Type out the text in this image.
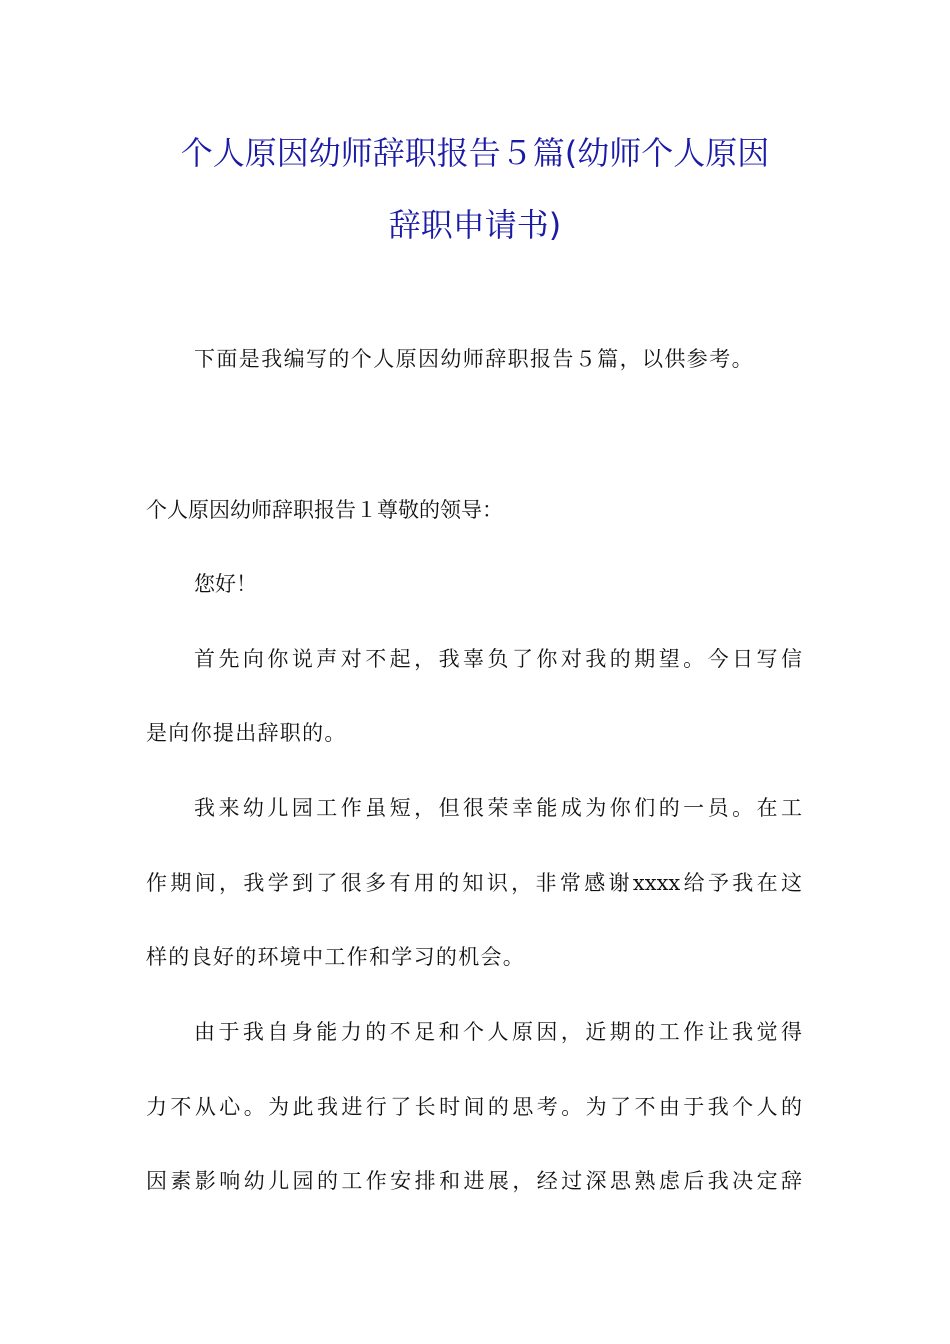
个人原因幼师辞职报告５篇(幼师个人原因
辞职申请书)

下面是我编写的个人原因幼师辞职报告５篇，以供参考。

个人原因幼师辞职报告１尊敬的领导：

您好！

首先向你说声对不起，我辜负了你对我的期望。今日写信

是向你提出辞职的。

我来幼儿园工作虽短，但很荣幸能成为你们的一员。在工

作期间，我学到了很多有用的知识，非常感谢xxxx给予我在这

样的良好的环境中工作和学习的机会。

由于我自身能力的不足和个人原因，近期的工作让我觉得

力不从心。为此我进行了长时间的思考。为了不由于我个人的

因素影响幼儿园的工作安排和进展，经过深思熟虑后我决定辞
